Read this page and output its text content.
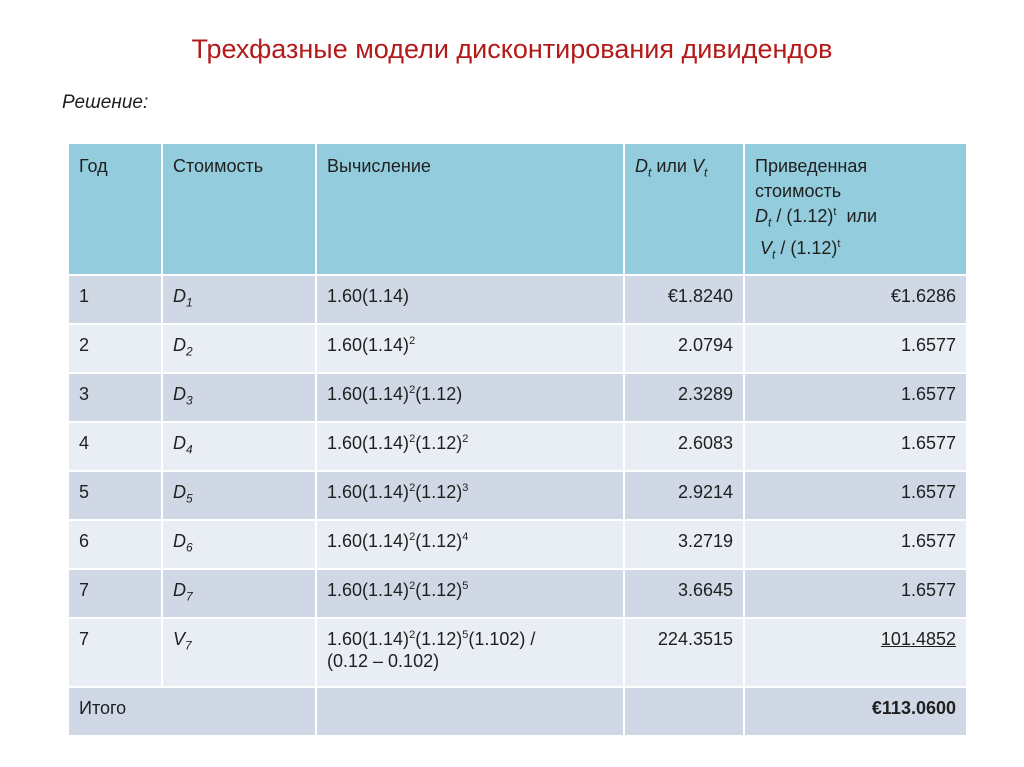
Трехфазные модели дисконтирования дивидендов
Решение:
Год	Стоимость	Вычисление	$D_t$ или $V_t$	Приведенная
стоимость
$D_t / (1.12)^t$  или
$V_t / (1.12)^t$

1	$D_1$	1.60(1.14)	€1.8240	€1.6286
2	$D_2$	$1.60(1.14)^2$	2.0794	1.6577
3	$D_3$	$1.60(1.14)^2(1.12)$	2.3289	1.6577
4	$D_4$	$1.60(1.14)^2(1.12)^2$	2.6083	1.6577
5	$D_5$	$1.60(1.14)^2(1.12)^3$	2.9214	1.6577
6	$D_6$	$1.60(1.14)^2(1.12)^4$	3.2719	1.6577
7	$D_7$	$1.60(1.14)^2(1.12)^5$	3.6645	1.6577
7	$V_7$	$1.60(1.14)^2(1.12)^5(1.102)$ /
(0.12 – 0.102)	224.3515	101.4852
Итого				€113.0600
